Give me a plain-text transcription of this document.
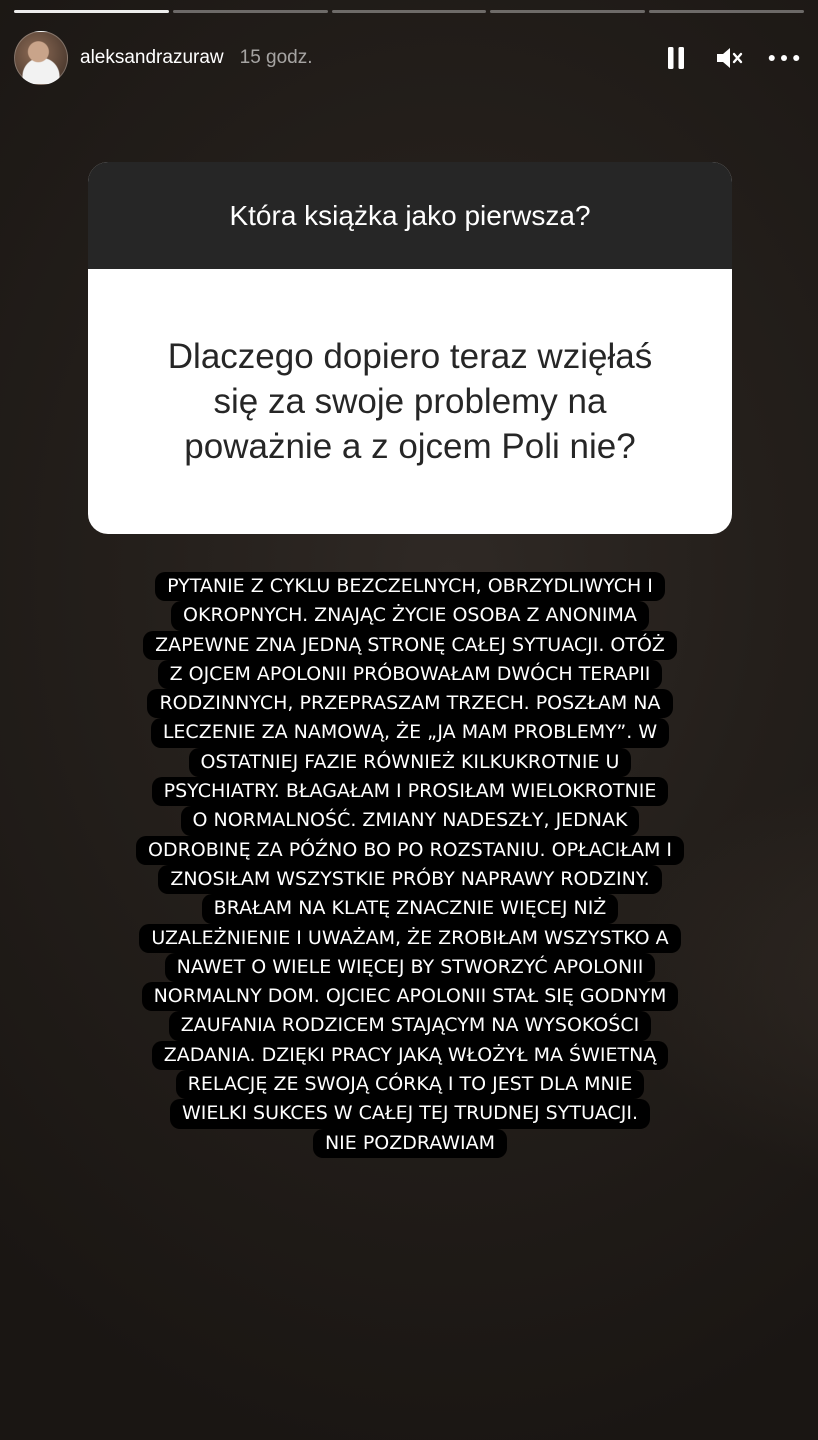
aleksandrazuraw 15 godz.
Która książka jako pierwsza?
Dlaczego dopiero teraz wzięłaś
się za swoje problemy na
poważnie a z ojcem Poli nie?
PYTANIE Z CYKLU BEZCZELNYCH, OBRZYDLIWYCH I
OKROPNYCH. ZNAJĄC ŻYCIE OSOBA Z ANONIMA
ZAPEWNE ZNA JEDNĄ STRONĘ CAŁEJ SYTUACJI. OTÓŻ
Z OJCEM APOLONII PRÓBOWAŁAM DWÓCH TERAPII
RODZINNYCH, PRZEPRASZAM TRZECH. POSZŁAM NA
LECZENIE ZA NAMOWĄ, ŻE „JA MAM PROBLEMY”. W
OSTATNIEJ FAZIE RÓWNIEŻ KILKUKROTNIE U
PSYCHIATRY. BŁAGAŁAM I PROSIŁAM WIELOKROTNIE
O NORMALNOŚĆ. ZMIANY NADESZŁY, JEDNAK
ODROBINĘ ZA PÓŹNO BO PO ROZSTANIU. OPŁACIŁAM I
ZNOSIŁAM WSZYSTKIE PRÓBY NAPRAWY RODZINY.
BRAŁAM NA KLATĘ ZNACZNIE WIĘCEJ NIŻ
UZALEŻNIENIE I UWAŻAM, ŻE ZROBIŁAM WSZYSTKO A
NAWET O WIELE WIĘCEJ BY STWORZYĆ APOLONII
NORMALNY DOM. OJCIEC APOLONII STAŁ SIĘ GODNYM
ZAUFANIA RODZICEM STAJĄCYM NA WYSOKOŚCI
ZADANIA. DZIĘKI PRACY JAKĄ WŁOŻYŁ MA ŚWIETNĄ
RELACJĘ ZE SWOJĄ CÓRKĄ I TO JEST DLA MNIE
WIELKI SUKCES W CAŁEJ TEJ TRUDNEJ SYTUACJI.
NIE POZDRAWIAM
